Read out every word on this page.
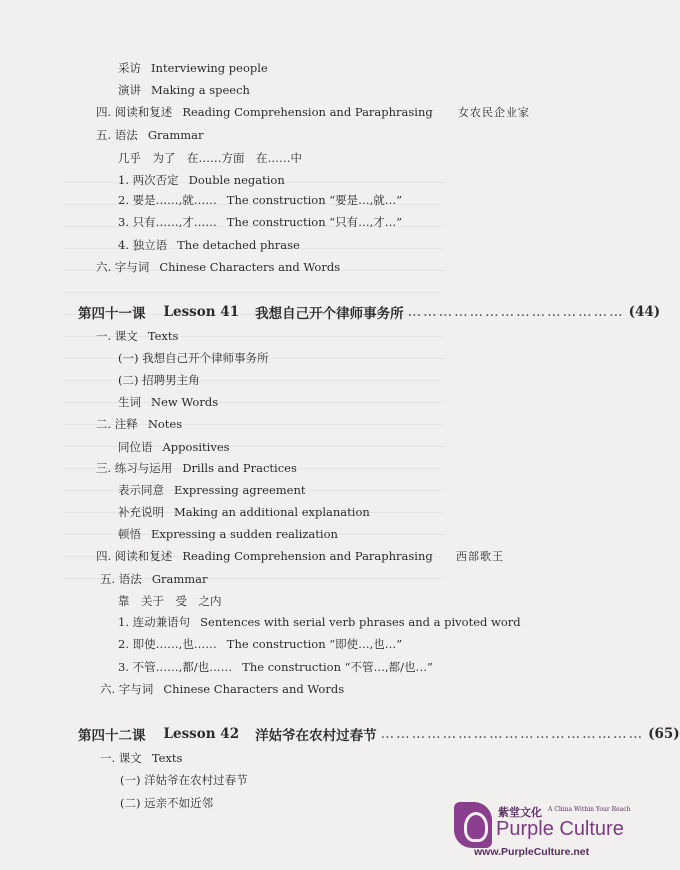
采访 Interviewing people
演讲 Making a speech
四. 阅读和复述 Reading Comprehension and Paraphrasing 女农民企业家
五. 语法 Grammar
几乎　为了　在……方面　在……中
1. 两次否定 Double negation
2. 要是……,就…… The construction “要是…,就…”
3. 只有……,才…… The construction “只有…,才…”
4. 独立语 The detached phrase
六. 字与词 Chinese Characters and Words
第四十一课 Lesson 41 我想自己开个律师事务所 …………………………………… (44)
一. 课文 Texts
(一) 我想自己开个律师事务所
(二) 招聘男主角
生词 New Words
二. 注释 Notes
同位语 Appositives
三. 练习与运用 Drills and Practices
表示同意 Expressing agreement
补充说明 Making an additional explanation
顿悟 Expressing a sudden realization
四. 阅读和复述 Reading Comprehension and Paraphrasing 西部歌王
五. 语法 Grammar
靠　关于　受　之内
1. 连动兼语句 Sentences with serial verb phrases and a pivoted word
2. 即使……,也…… The construction “即使…,也…”
3. 不管……,都/也…… The construction “不管…,都/也…”
六. 字与词 Chinese Characters and Words
第四十二课 Lesson 42 洋姑爷在农村过春节 …………………………………………… (65)
一. 课文 Texts
(一) 洋姑爷在农村过春节
(二) 远亲不如近邻
紫堂文化 A China Within Your Reach
Purple Culture
www.PurpleCulture.net
